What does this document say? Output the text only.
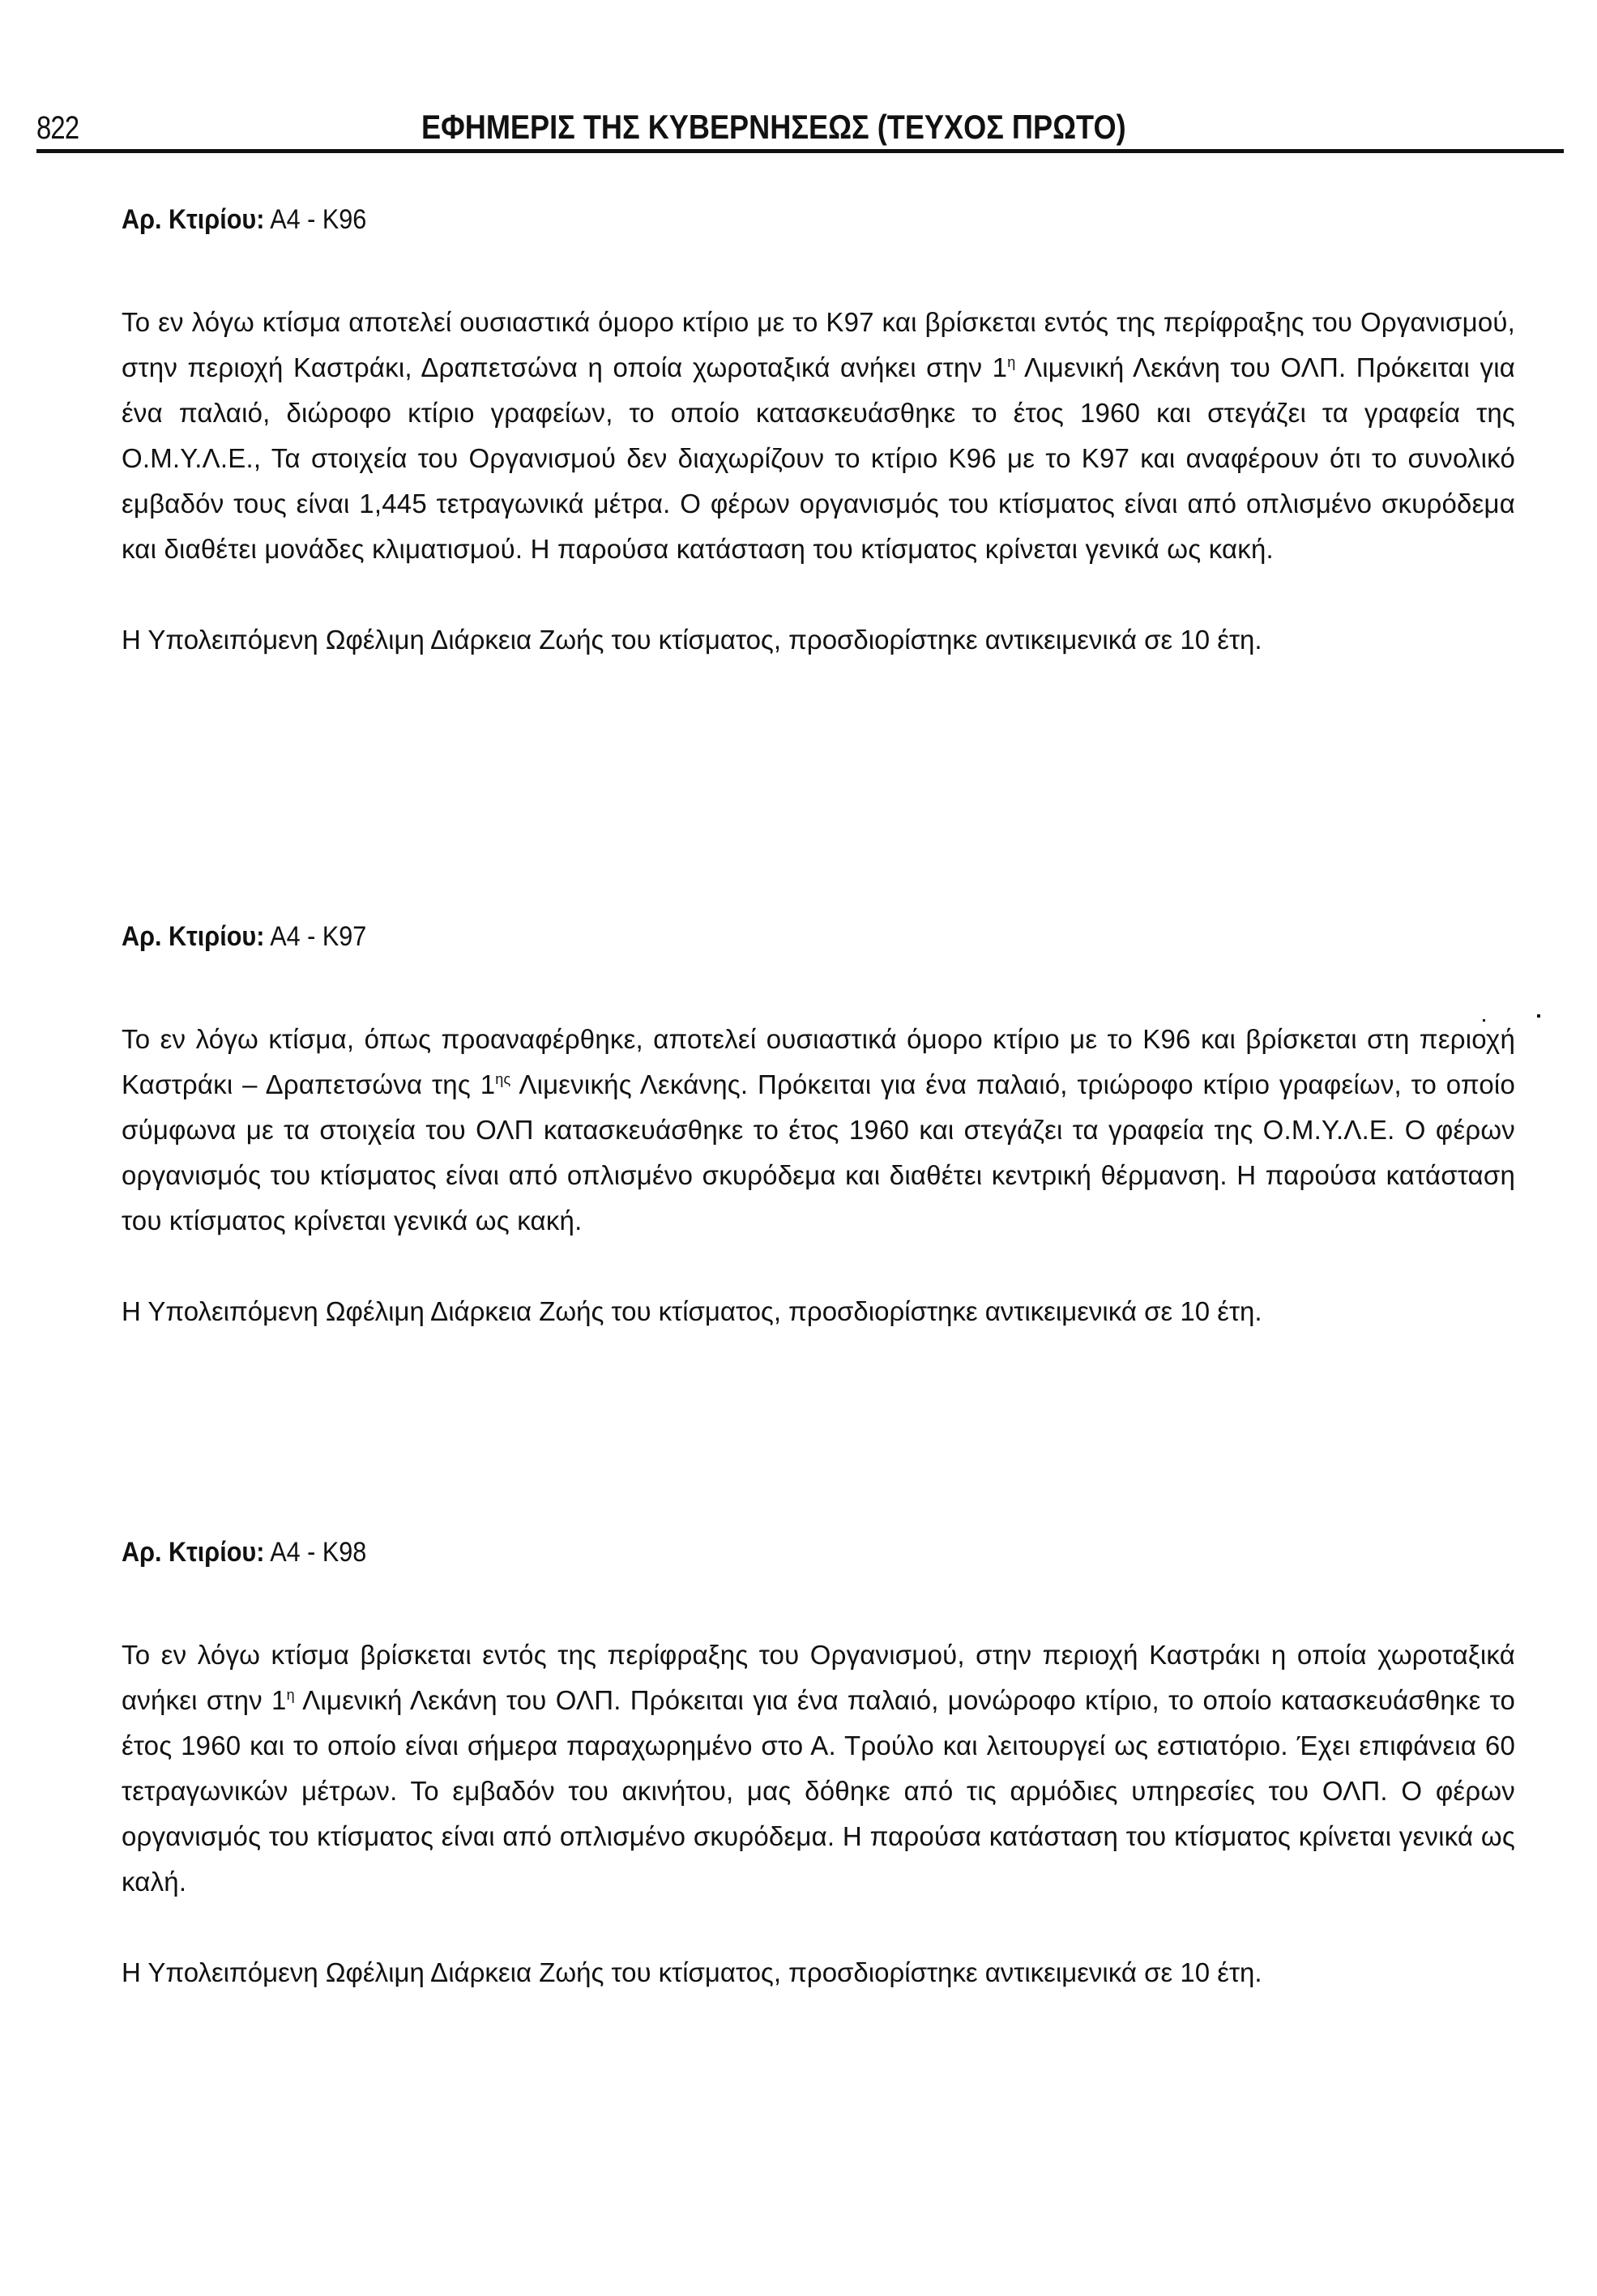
822	ΕΦΗΜΕΡΙΣ ΤΗΣ ΚΥΒΕΡΝΗΣΕΩΣ (ΤΕΥΧΟΣ ΠΡΩΤΟ)
Αρ. Κτιρίου: Α4 - Κ96

Το εν λόγω κτίσμα αποτελεί ουσιαστικά όμορο κτίριο με το Κ97 και βρίσκεται εντός της περίφραξης του Οργανισμού, στην περιοχή Καστράκι, Δραπετσώνα η οποία χωροταξικά ανήκει στην $1^\eta$ Λιμενική Λεκάνη του ΟΛΠ. Πρόκειται για ένα παλαιό, διώροφο κτίριο γραφείων, το οποίο κατασκευάσθηκε το έτος 1960 και στεγάζει τα γραφεία της Ο.Μ.Υ.Λ.Ε., Τα στοιχεία του Οργανισμού δεν διαχωρίζουν το κτίριο Κ96 με το Κ97 και αναφέρουν ότι το συνολικό εμβαδόν τους είναι 1,445 τετραγωνικά μέτρα. Ο φέρων οργανισμός του κτίσματος είναι από οπλισμένο σκυρόδεμα και διαθέτει μονάδες κλιματισμού. Η παρούσα κατάσταση του κτίσματος κρίνεται γενικά ως κακή.

Η Υπολειπόμενη Ωφέλιμη Διάρκεια Ζωής του κτίσματος, προσδιορίστηκε αντικειμενικά σε 10 έτη.

Αρ. Κτιρίου: Α4 - Κ97

Το εν λόγω κτίσμα, όπως προαναφέρθηκε, αποτελεί ουσιαστικά όμορο κτίριο με το Κ96 και βρίσκεται στη περιοχή Καστράκι – Δραπετσώνα της $1^{\eta\varsigma}$ Λιμενικής Λεκάνης. Πρόκειται για ένα παλαιό, τριώροφο κτίριο γραφείων, το οποίο σύμφωνα με τα στοιχεία του ΟΛΠ κατασκευάσθηκε το έτος 1960 και στεγάζει τα γραφεία της Ο.Μ.Υ.Λ.Ε. Ο φέρων οργανισμός του κτίσματος είναι από οπλισμένο σκυρόδεμα και διαθέτει κεντρική θέρμανση. Η παρούσα κατάσταση του κτίσματος κρίνεται γενικά ως κακή.

Η Υπολειπόμενη Ωφέλιμη Διάρκεια Ζωής του κτίσματος, προσδιορίστηκε αντικειμενικά σε 10 έτη.

Αρ. Κτιρίου: Α4 - Κ98

Το εν λόγω κτίσμα βρίσκεται εντός της περίφραξης του Οργανισμού, στην περιοχή Καστράκι η οποία χωροταξικά ανήκει στην $1^\eta$ Λιμενική Λεκάνη του ΟΛΠ. Πρόκειται για ένα παλαιό, μονώροφο κτίριο, το οποίο κατασκευάσθηκε το έτος 1960 και το οποίο είναι σήμερα παραχωρημένο στο Α. Τρούλο και λειτουργεί ως εστιατόριο. Έχει επιφάνεια 60 τετραγωνικών μέτρων. Το εμβαδόν του ακινήτου, μας δόθηκε από τις αρμόδιες υπηρεσίες του ΟΛΠ. Ο φέρων οργανισμός του κτίσματος είναι από οπλισμένο σκυρόδεμα. Η παρούσα κατάσταση του κτίσματος κρίνεται γενικά ως καλή.

Η Υπολειπόμενη Ωφέλιμη Διάρκεια Ζωής του κτίσματος, προσδιορίστηκε αντικειμενικά σε 10 έτη.
